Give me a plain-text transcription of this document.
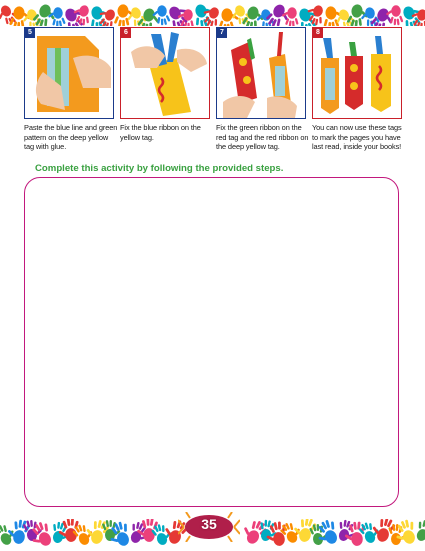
5
Paste the blue line and green pattern on the deep yellow tag with glue.
6
Fix the blue ribbon on the yellow tag.
7
Fix the green ribbon on the red tag and the red ribbon on the deep yellow tag.
8
You can now use these tags to mark the pages you have last read, inside your books!
Complete this activity by following the provided steps.
35
